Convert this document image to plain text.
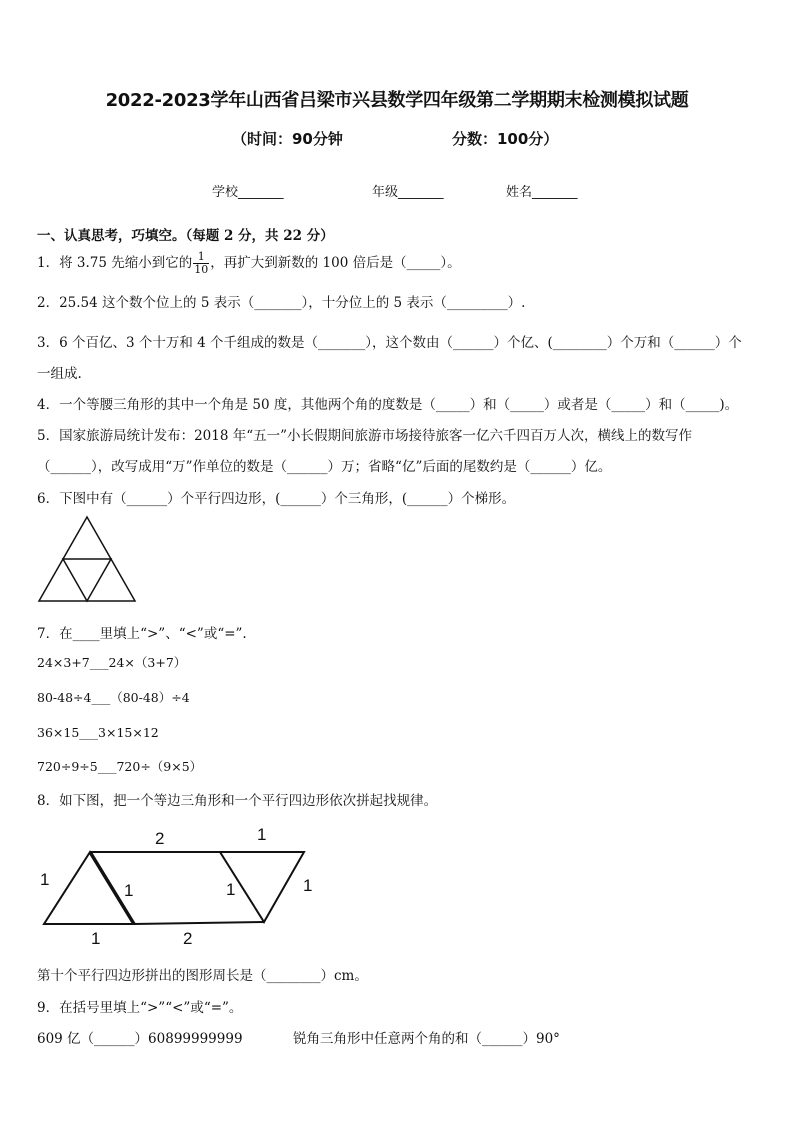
2022-2023学年山西省吕梁市兴县数学四年级第二学期期末检测模拟试题
（时间：90分钟	分数：100分）
学校_______	年级_______	姓名_______
一、认真思考，巧填空。（每题 2 分，共 22 分）
1．将 3.75 先缩小到它的 $\frac{1}{10}$ ，再扩大到新数的 100 倍后是（_____）。
2．25.54 这个数个位上的 5 表示（_______），十分位上的 5 表示（_________）.
3．6 个百亿、3 个十万和 4 个千组成的数是（_______），这个数由（______）个亿、(________）个万和（______）个
一组成.
4．一个等腰三角形的其中一个角是 50 度，其他两个角的度数是（_____）和（_____）或者是（_____）和（_____)。
5．国家旅游局统计发布：2018 年“五一”小长假期间旅游市场接待旅客一亿六千四百万人次，横线上的数写作
（______），改写成用“万”作单位的数是（______）万；省略“亿”后面的尾数约是（______）亿。
6．下图中有（______）个平行四边形，(______）个三角形，(______）个梯形。
7．在____里填上“>”、“<”或“=”.
24×3+7___24×（3+7）
80-48÷4___（80-48）÷4
36×15___3×15×12
720÷9÷5___720÷（9×5）
8．如下图，把一个等边三角形和一个平行四边形依次拼起找规律。
2	1
1
1	1	1
1	2
第十个平行四边形拼出的图形周长是（________）cm。
9．在括号里填上“>”“<”或“=”。
609 亿（______）60899999999	锐角三角形中任意两个角的和（______）90°
